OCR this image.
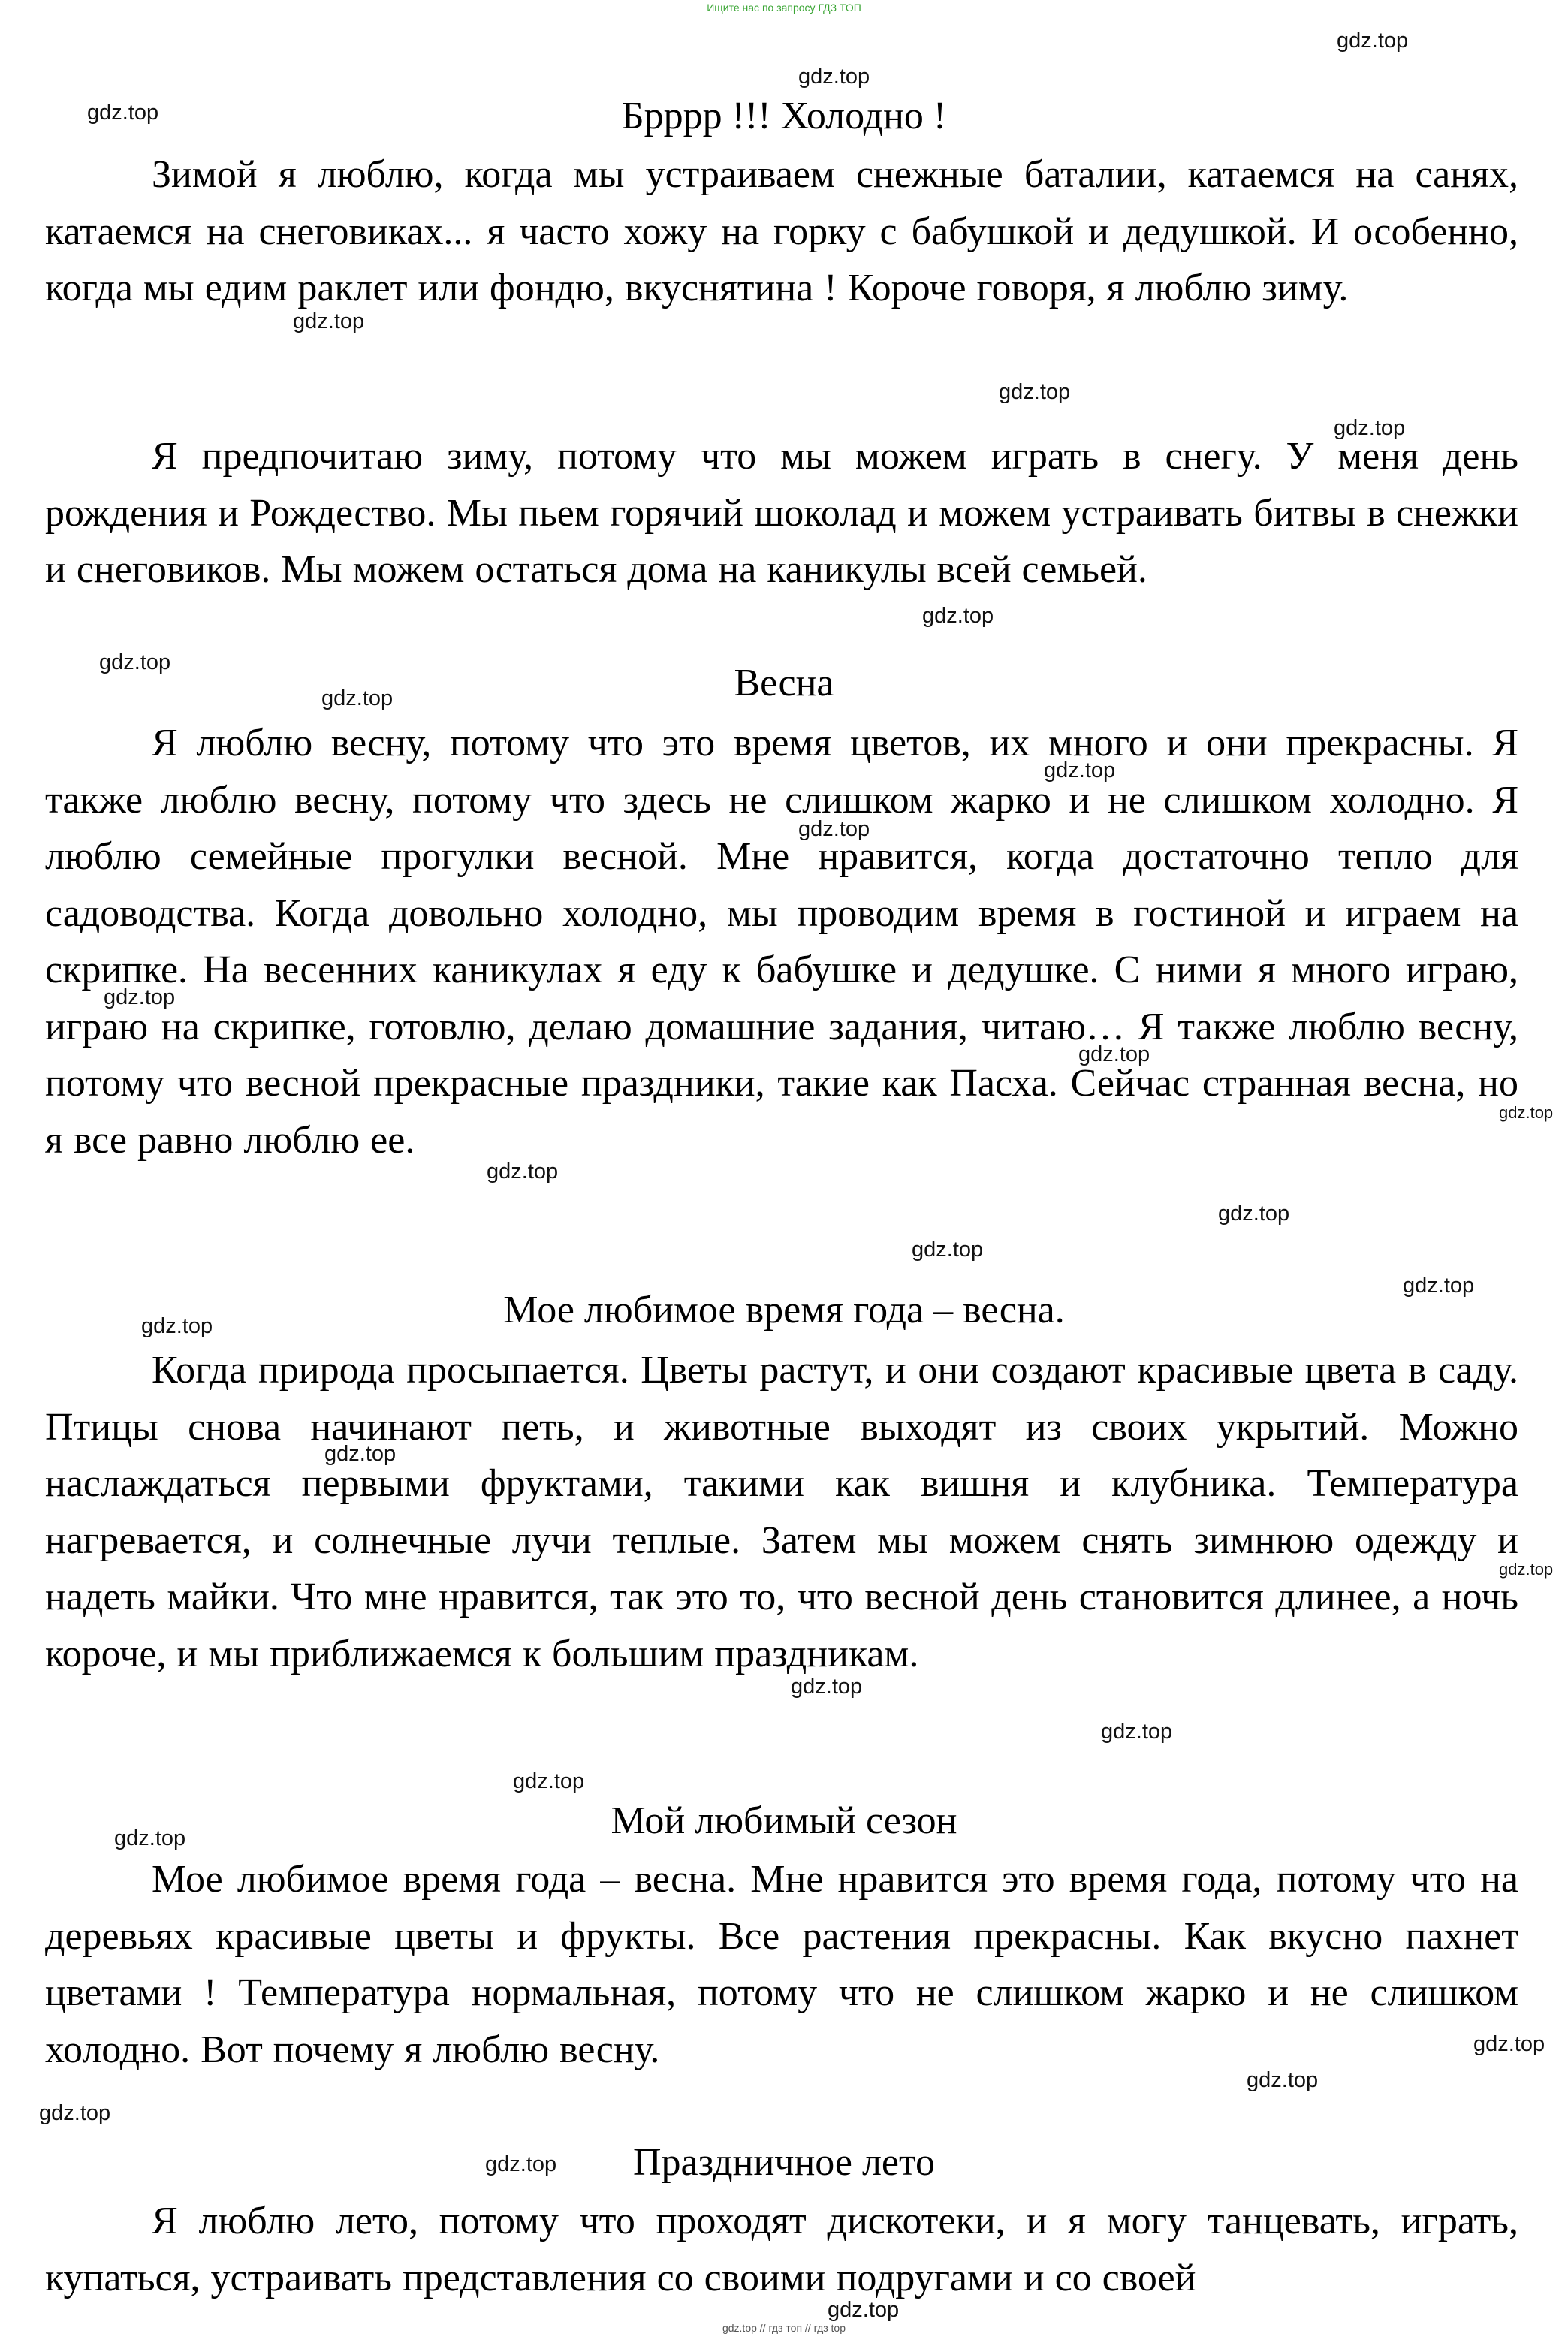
Ищите нас по запросу ГДЗ ТОП
Брррр !!! Холодно !

Зимой я люблю, когда мы устраиваем снежные баталии, катаемся на санях, катаемся на снеговиках... я часто хожу на горку с бабушкой и дедушкой. И особенно, когда мы едим раклет или фондю, вкуснятина ! Короче говоря, я люблю зиму.

Я предпочитаю зиму, потому что мы можем играть в снегу. У меня день рождения и Рождество. Мы пьем горячий шоколад и можем устраивать битвы в снежки и снеговиков. Мы можем остаться дома на каникулы всей семьей.

Весна

Я люблю весну, потому что это время цветов, их много и они прекрасны. Я также люблю весну, потому что здесь не слишком жарко и не слишком холодно. Я люблю семейные прогулки весной. Мне нравится, когда достаточно тепло для садоводства. Когда довольно холодно, мы проводим время в гостиной и играем на скрипке. На весенних каникулах я еду к бабушке и дедушке. С ними я много играю, играю на скрипке, готовлю, делаю домашние задания, читаю… Я также люблю весну, потому что весной прекрасные праздники, такие как Пасха. Сейчас странная весна, но я все равно люблю ее.

Мое любимое время года – весна.

Когда природа просыпается. Цветы растут, и они создают красивые цвета в саду. Птицы снова начинают петь, и животные выходят из своих укрытий. Можно наслаждаться первыми фруктами, такими как вишня и клубника. Температура нагревается, и солнечные лучи теплые. Затем мы можем снять зимнюю одежду и надеть майки. Что мне нравится, так это то, что весной день становится длинее, а ночь короче, и мы приближаемся к большим праздникам.

Мой любимый сезон

Мое любимое время года – весна. Мне нравится это время года, потому что на деревьях красивые цветы и фрукты. Все растения прекрасны. Как вкусно пахнет цветами ! Температура нормальная, потому что не слишком жарко и не слишком холодно. Вот почему я люблю весну.

Праздничное лето

Я люблю лето, потому что проходят дискотеки, и я могу танцевать, играть, купаться, устраивать представления со своими подругами и со своей

gdz.top
gdz.top
gdz.top
gdz.top
gdz.top
gdz.top
gdz.top
gdz.top
gdz.top
gdz.top
gdz.top
gdz.top
gdz.top
gdz.top
gdz.top
gdz.top
gdz.top
gdz.top
gdz.top
gdz.top
gdz.top
gdz.top
gdz.top
gdz.top
gdz.top
gdz.top
gdz.top
gdz.top
gdz.top
gdz.top
gdz.top // гдз топ // гдз top
